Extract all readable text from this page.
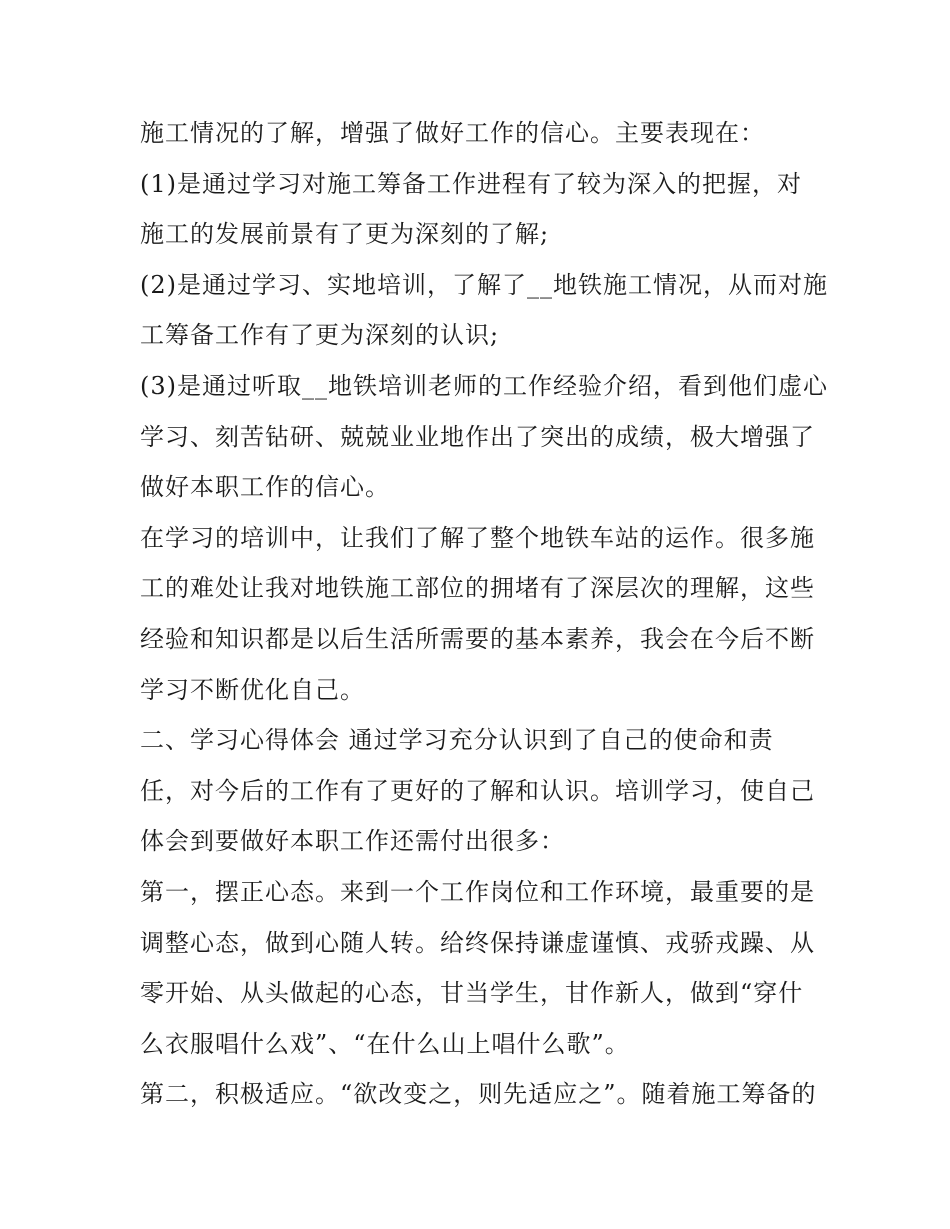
施工情况的了解，增强了做好工作的信心。主要表现在：
(1)是通过学习对施工筹备工作进程有了较为深入的把握，对
施工的发展前景有了更为深刻的了解;
(2)是通过学习、实地培训，了解了__地铁施工情况，从而对施
工筹备工作有了更为深刻的认识;
(3)是通过听取__地铁培训老师的工作经验介绍，看到他们虚心
学习、刻苦钻研、兢兢业业地作出了突出的成绩，极大增强了
做好本职工作的信心。
在学习的培训中，让我们了解了整个地铁车站的运作。很多施
工的难处让我对地铁施工部位的拥堵有了深层次的理解，这些
经验和知识都是以后生活所需要的基本素养，我会在今后不断
学习不断优化自己。
二、学习心得体会 通过学习充分认识到了自己的使命和责
任，对今后的工作有了更好的了解和认识。培训学习，使自己
体会到要做好本职工作还需付出很多：
第一，摆正心态。来到一个工作岗位和工作环境，最重要的是
调整心态，做到心随人转。给终保持谦虚谨慎、戎骄戎躁、从
零开始、从头做起的心态，甘当学生，甘作新人，做到“穿什
么衣服唱什么戏”、“在什么山上唱什么歌”。
第二，积极适应。“欲改变之，则先适应之”。随着施工筹备的
